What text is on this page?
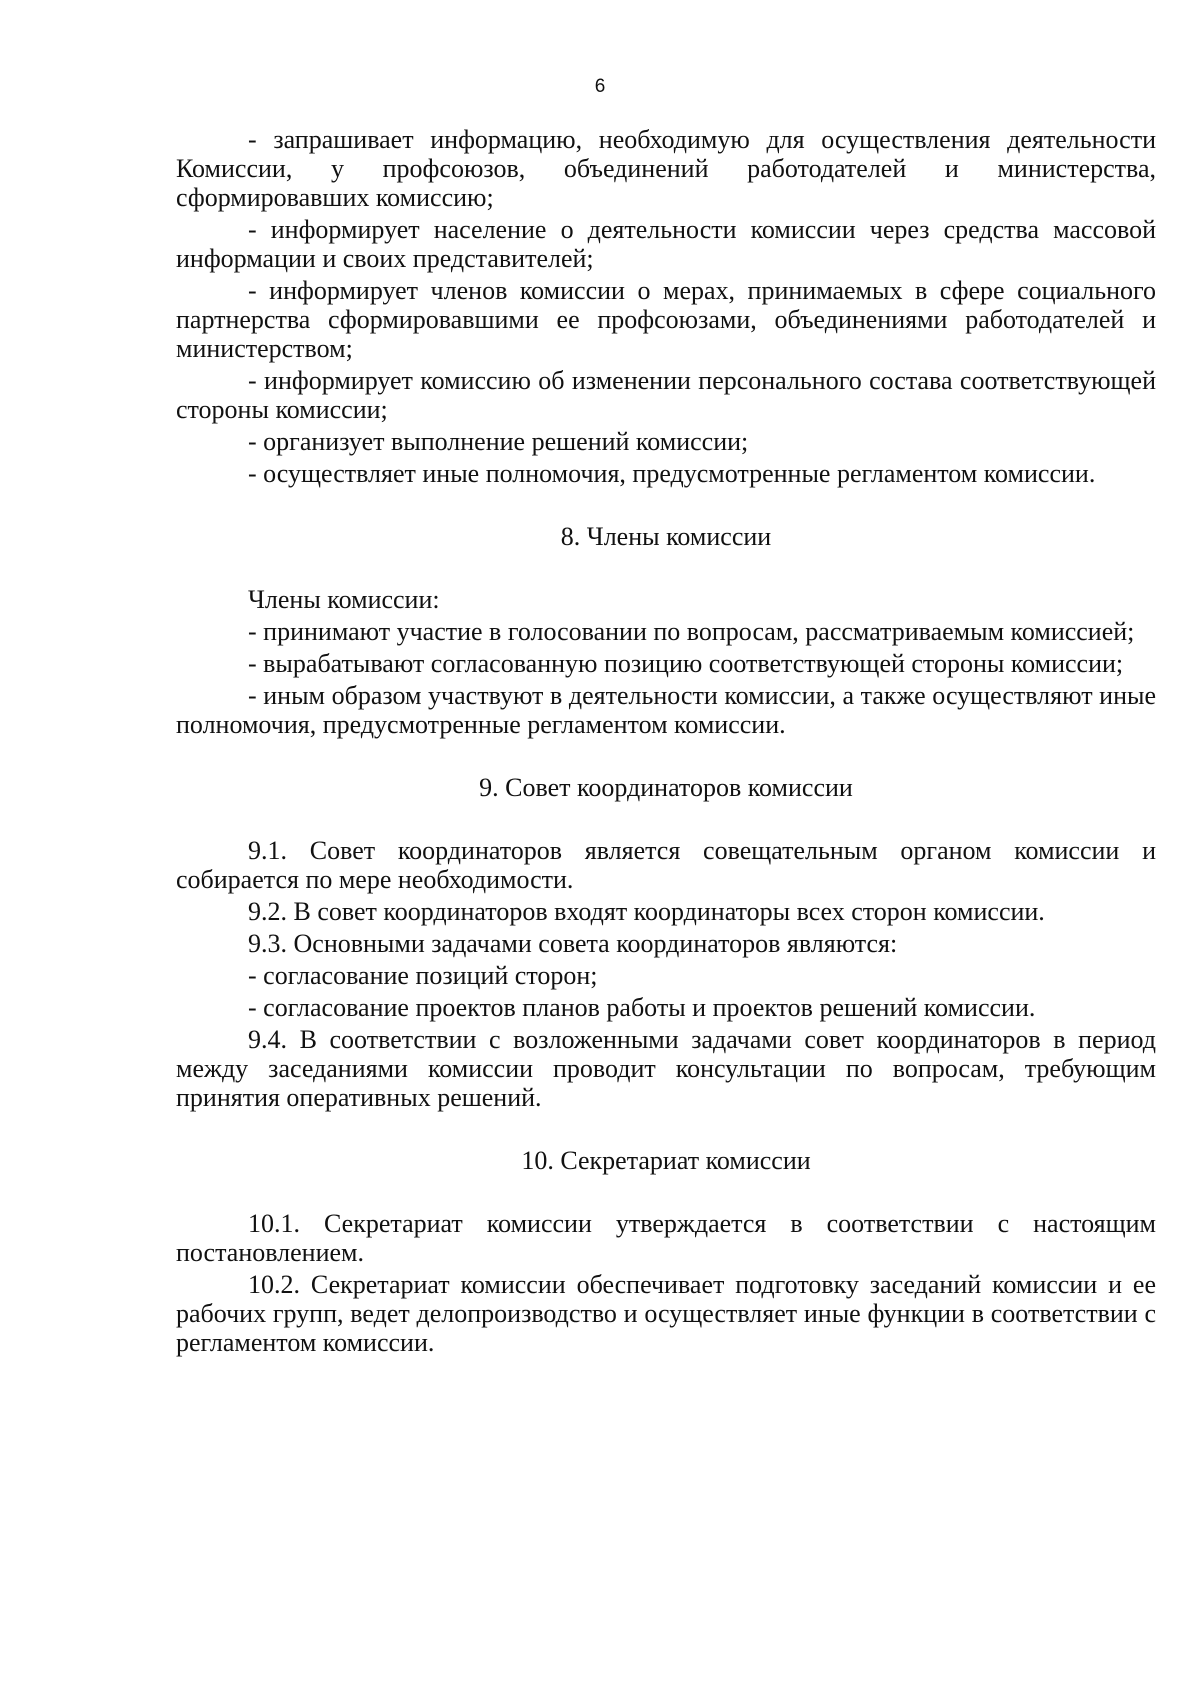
6

- запрашивает информацию, необходимую для осуществления деятельности Комиссии, у профсоюзов, объединений работодателей и министерства, сформировавших комиссию;

- информирует население о деятельности комиссии через средства массовой информации и своих представителей;

- информирует членов комиссии о мерах, принимаемых в сфере социального партнерства сформировавшими ее профсоюзами, объединениями работодателей и министерством;

- информирует комиссию об изменении персонального состава соответствующей стороны комиссии;

- организует выполнение решений комиссии;

- осуществляет иные полномочия, предусмотренные регламентом комиссии.

8. Члены комиссии

Члены комиссии:

- принимают участие в голосовании по вопросам, рассматриваемым комиссией;

- вырабатывают согласованную позицию соответствующей стороны комиссии;

- иным образом участвуют в деятельности комиссии, а также осуществляют иные полномочия, предусмотренные регламентом комиссии.

9. Совет координаторов комиссии

9.1. Совет координаторов является совещательным органом комиссии и собирается по мере необходимости.

9.2. В совет координаторов входят координаторы всех сторон комиссии.

9.3. Основными задачами совета координаторов являются:

- согласование позиций сторон;

- согласование проектов планов работы и проектов решений комиссии.

9.4. В соответствии с возложенными задачами совет координаторов в период между заседаниями комиссии проводит консультации по вопросам, требующим принятия оперативных решений.

10. Секретариат комиссии

10.1. Секретариат комиссии утверждается в соответствии с настоящим постановлением.

10.2. Секретариат комиссии обеспечивает подготовку заседаний комиссии и ее рабочих групп, ведет делопроизводство и осуществляет иные функции в соответствии с регламентом комиссии.
